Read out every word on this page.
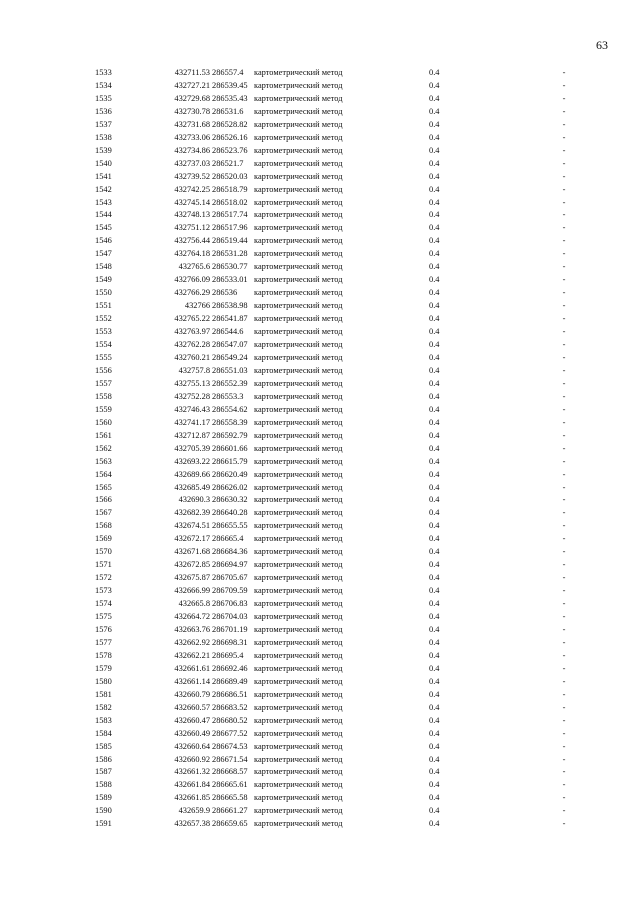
63
1533	432711.53	286557.4	картометрический метод	0.4	-
1534	432727.21	286539.45	картометрический метод	0.4	-
1535	432729.68	286535.43	картометрический метод	0.4	-
1536	432730.78	286531.6	картометрический метод	0.4	-
1537	432731.68	286528.82	картометрический метод	0.4	-
1538	432733.06	286526.16	картометрический метод	0.4	-
1539	432734.86	286523.76	картометрический метод	0.4	-
1540	432737.03	286521.7	картометрический метод	0.4	-
1541	432739.52	286520.03	картометрический метод	0.4	-
1542	432742.25	286518.79	картометрический метод	0.4	-
1543	432745.14	286518.02	картометрический метод	0.4	-
1544	432748.13	286517.74	картометрический метод	0.4	-
1545	432751.12	286517.96	картометрический метод	0.4	-
1546	432756.44	286519.44	картометрический метод	0.4	-
1547	432764.18	286531.28	картометрический метод	0.4	-
1548	432765.6	286530.77	картометрический метод	0.4	-
1549	432766.09	286533.01	картометрический метод	0.4	-
1550	432766.29	286536	картометрический метод	0.4	-
1551	432766	286538.98	картометрический метод	0.4	-
1552	432765.22	286541.87	картометрический метод	0.4	-
1553	432763.97	286544.6	картометрический метод	0.4	-
1554	432762.28	286547.07	картометрический метод	0.4	-
1555	432760.21	286549.24	картометрический метод	0.4	-
1556	432757.8	286551.03	картометрический метод	0.4	-
1557	432755.13	286552.39	картометрический метод	0.4	-
1558	432752.28	286553.3	картометрический метод	0.4	-
1559	432746.43	286554.62	картометрический метод	0.4	-
1560	432741.17	286558.39	картометрический метод	0.4	-
1561	432712.87	286592.79	картометрический метод	0.4	-
1562	432705.39	286601.66	картометрический метод	0.4	-
1563	432693.22	286615.79	картометрический метод	0.4	-
1564	432689.66	286620.49	картометрический метод	0.4	-
1565	432685.49	286626.02	картометрический метод	0.4	-
1566	432690.3	286630.32	картометрический метод	0.4	-
1567	432682.39	286640.28	картометрический метод	0.4	-
1568	432674.51	286655.55	картометрический метод	0.4	-
1569	432672.17	286665.4	картометрический метод	0.4	-
1570	432671.68	286684.36	картометрический метод	0.4	-
1571	432672.85	286694.97	картометрический метод	0.4	-
1572	432675.87	286705.67	картометрический метод	0.4	-
1573	432666.99	286709.59	картометрический метод	0.4	-
1574	432665.8	286706.83	картометрический метод	0.4	-
1575	432664.72	286704.03	картометрический метод	0.4	-
1576	432663.76	286701.19	картометрический метод	0.4	-
1577	432662.92	286698.31	картометрический метод	0.4	-
1578	432662.21	286695.4	картометрический метод	0.4	-
1579	432661.61	286692.46	картометрический метод	0.4	-
1580	432661.14	286689.49	картометрический метод	0.4	-
1581	432660.79	286686.51	картометрический метод	0.4	-
1582	432660.57	286683.52	картометрический метод	0.4	-
1583	432660.47	286680.52	картометрический метод	0.4	-
1584	432660.49	286677.52	картометрический метод	0.4	-
1585	432660.64	286674.53	картометрический метод	0.4	-
1586	432660.92	286671.54	картометрический метод	0.4	-
1587	432661.32	286668.57	картометрический метод	0.4	-
1588	432661.84	286665.61	картометрический метод	0.4	-
1589	432661.85	286665.58	картометрический метод	0.4	-
1590	432659.9	286661.27	картометрический метод	0.4	-
1591	432657.38	286659.65	картометрический метод	0.4	-
